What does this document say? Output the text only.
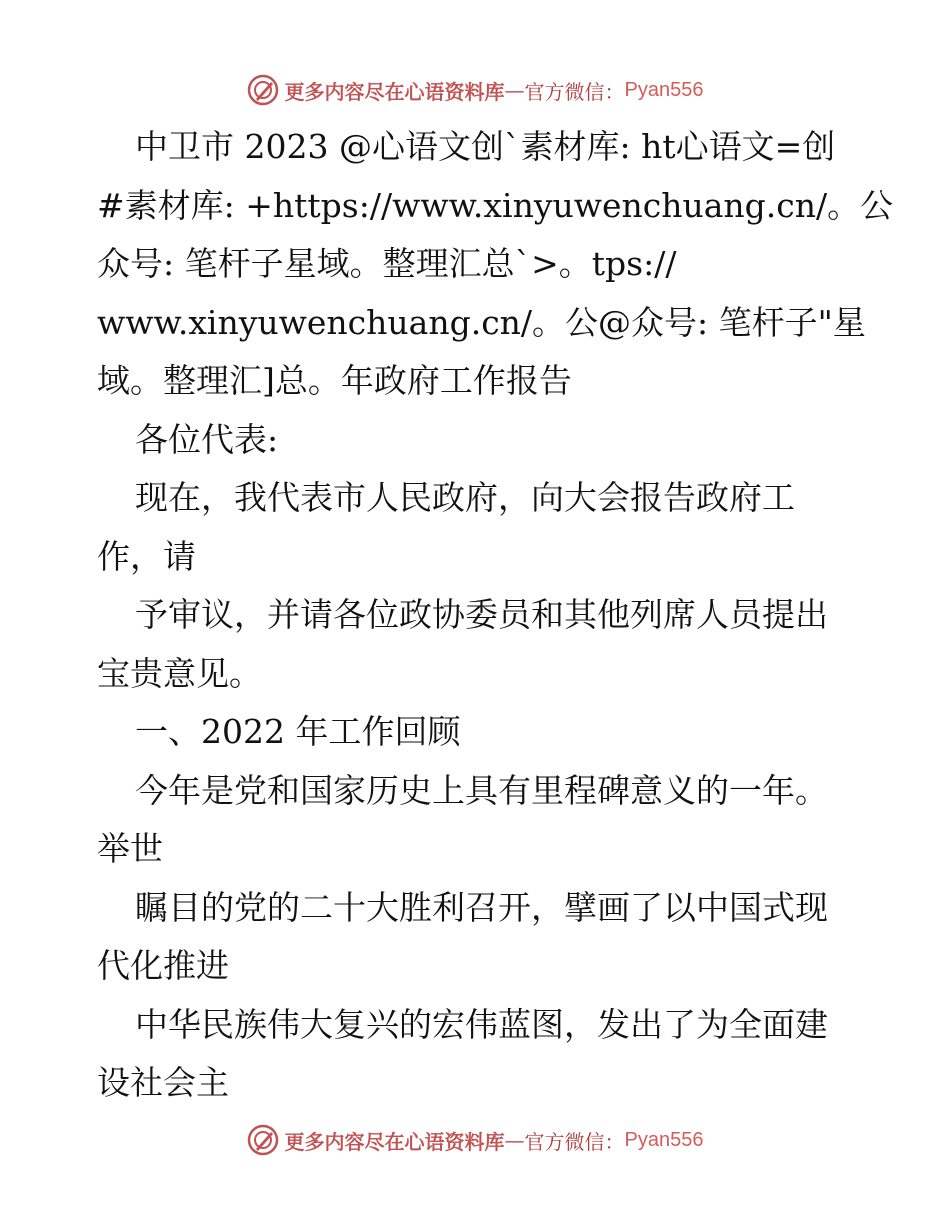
更多内容尽在心语资料库 — 官方微信： Pyan556
中卫市 2023 @心语文创`素材库: ht心语文=创
#素材库: +https://www.xinyuwenchuang.cn/。公
众号: 笔杆子星域。整理汇总`>。tps://
www.xinyuwenchuang.cn/。公@众号: 笔杆子"星
域。整理汇]总。年政府工作报告
各位代表:
现在，我代表市人民政府，向大会报告政府工
作，请
予审议，并请各位政协委员和其他列席人员提出
宝贵意见。
一、2022 年工作回顾
今年是党和国家历史上具有里程碑意义的一年。
举世
瞩目的党的二十大胜利召开，擘画了以中国式现
代化推进
中华民族伟大复兴的宏伟蓝图，发出了为全面建
设社会主
更多内容尽在心语资料库 — 官方微信： Pyan556
